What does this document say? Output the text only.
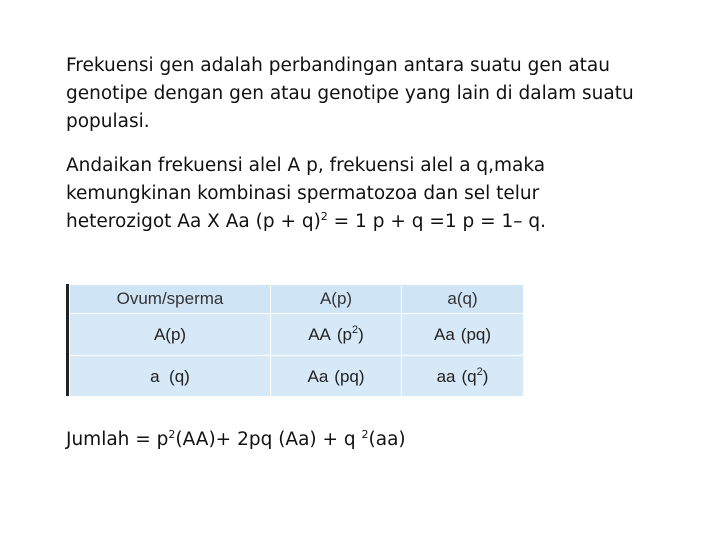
Frekuensi gen adalah perbandingan antara suatu gen atau
genotipe dengan gen atau genotipe yang lain di dalam suatu
populasi.
Andaikan frekuensi alel A p, frekuensi alel a q,maka
kemungkinan kombinasi spermatozoa dan sel telur
heterozigot Aa X Aa $(p + q)^2 = 1$ p + q =1 p = 1– q.
Ovum/sperma	A(p)	a(q)
A(p)	AA $(p^2)$	Aa (pq)
a  (q)	Aa (pq)	aa $(q^2)$
Jumlah = $p^2(AA)+ 2pq$ (Aa) + q $^2$(aa)
